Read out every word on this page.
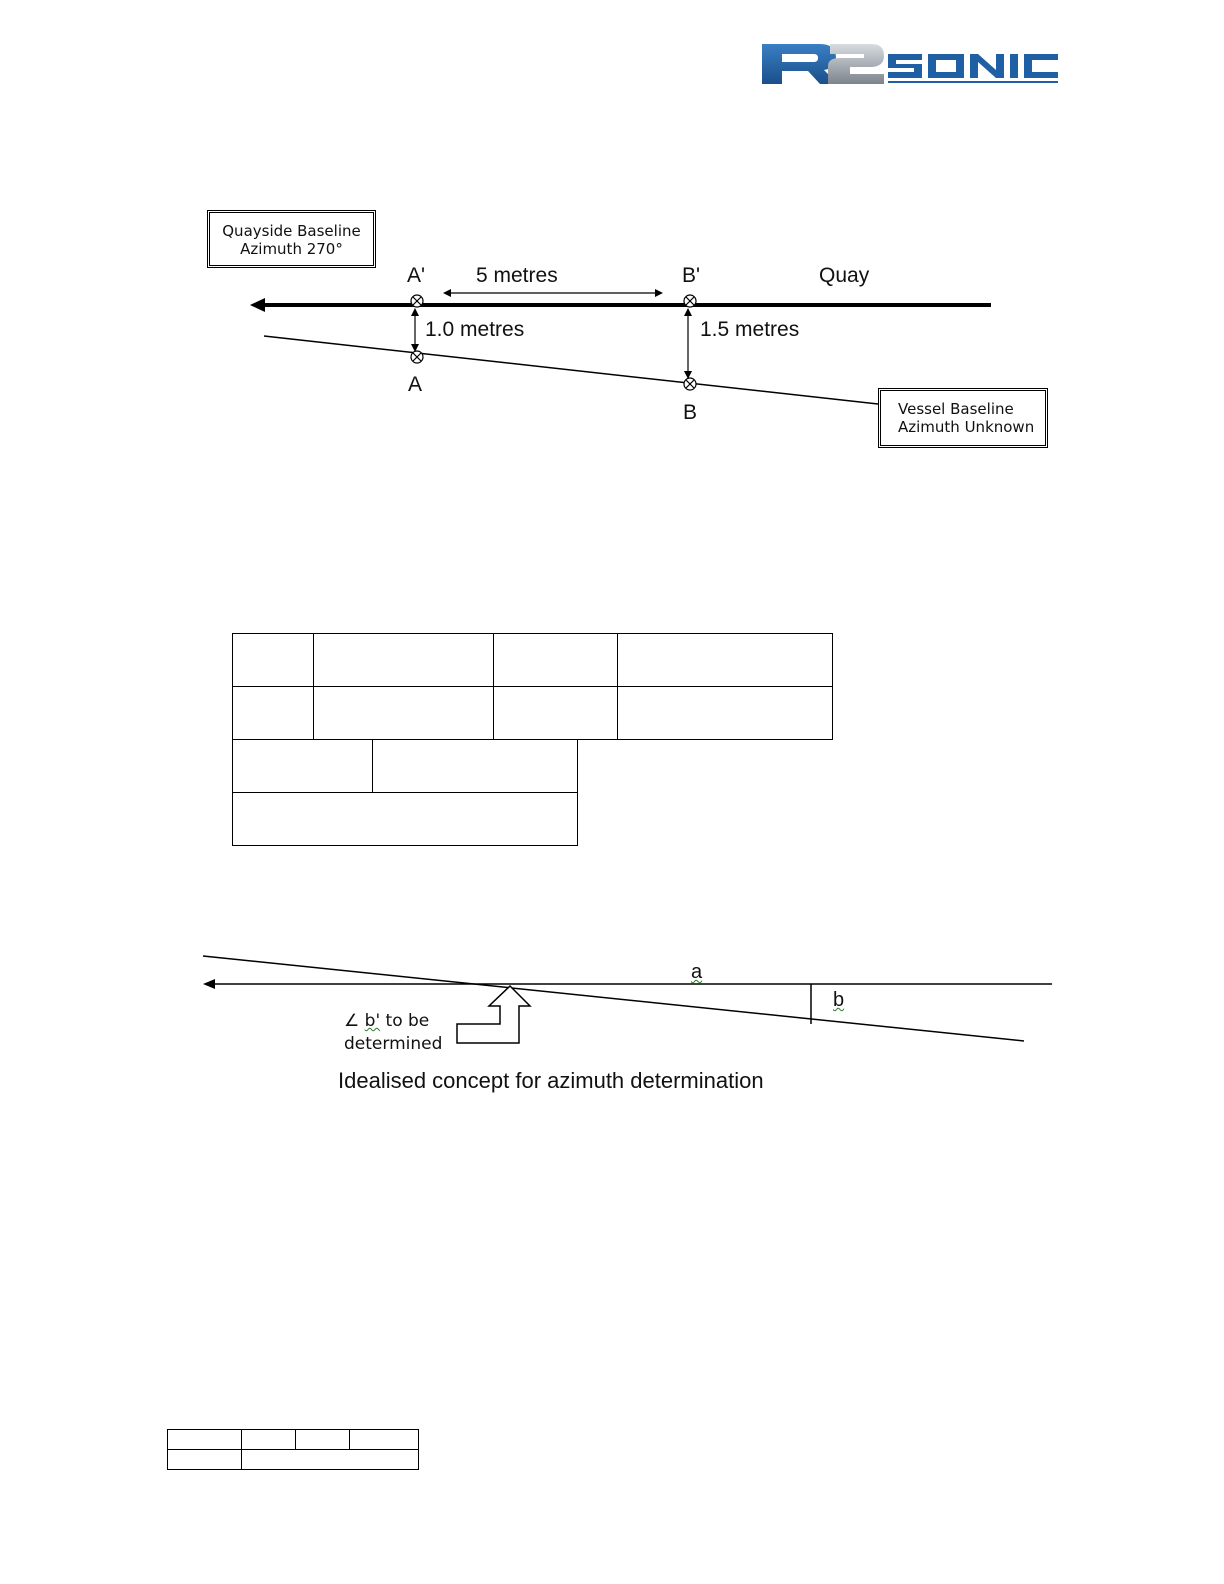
Quayside Baseline
Azimuth 270°
Vessel Baseline
Azimuth Unknown
A'	B'
5 metres	Quay
1.0 metres	1.5 metres
A
B

a
b
∠ b' to be
determined
Idealised concept for azimuth determination
